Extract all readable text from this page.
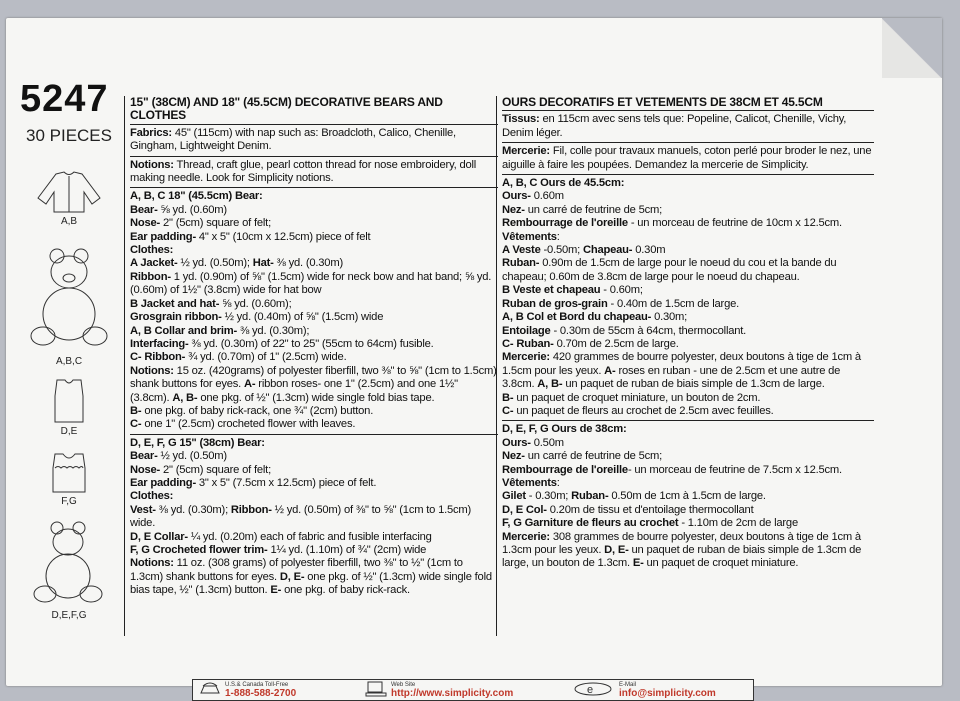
5247
30 PIECES
A,B
A,B,C
D,E
F,G
D,E,F,G
15" (38CM) AND 18" (45.5CM) DECORATIVE BEARS AND CLOTHES
Fabrics: 45" (115cm) with nap such as: Broadcloth, Calico, Chenille, Gingham, Lightweight Denim.
Notions: Thread, craft glue, pearl cotton thread for nose embroidery, doll making needle. Look for Simplicity notions.
A, B, C 18" (45.5cm) Bear:
Bear- ⅝ yd. (0.60m)
Nose- 2" (5cm) square of felt;
Ear padding- 4" x 5" (10cm x 12.5cm) piece of felt
Clothes:
A Jacket- ½ yd. (0.50m); Hat- ⅜ yd. (0.30m)
Ribbon- 1 yd. (0.90m) of ⅝" (1.5cm) wide for neck bow and hat band; ⅝ yd. (0.60m) of 1½" (3.8cm) wide for hat bow
B Jacket and hat- ⅝ yd. (0.60m);
Grosgrain ribbon- ½ yd. (0.40m) of ⅝" (1.5cm) wide
A, B Collar and brim- ⅜ yd. (0.30m);
Interfacing- ⅜ yd. (0.30m) of 22" to 25" (55cm to 64cm) fusible.
C- Ribbon- ¾ yd. (0.70m) of 1" (2.5cm) wide.
Notions: 15 oz. (420grams) of polyester fiberfill, two ⅜" to ⅝" (1cm to 1.5cm) shank buttons for eyes. A- ribbon roses- one 1" (2.5cm) and one 1½" (3.8cm). A, B- one pkg. of ½" (1.3cm) wide single fold bias tape.
B- one pkg. of baby rick-rack, one ¾" (2cm) button.
C- one 1" (2.5cm) crocheted flower with leaves.

D, E, F, G 15" (38cm) Bear:
Bear- ½ yd. (0.50m)
Nose- 2" (5cm) square of felt;
Ear padding- 3" x 5" (7.5cm x 12.5cm) piece of felt.
Clothes:
Vest- ⅜ yd. (0.30m); Ribbon- ½ yd. (0.50m) of ⅜" to ⅝" (1cm to 1.5cm) wide.
D, E Collar- ¼ yd. (0.20m) each of fabric and fusible interfacing
F, G Crocheted flower trim- 1¼ yd. (1.10m) of ¾" (2cm) wide
Notions: 11 oz. (308 grams) of polyester fiberfill, two ⅜" to ½" (1cm to 1.3cm) shank buttons for eyes. D, E- one pkg. of ½" (1.3cm) wide single fold bias tape, ½" (1.3cm) button. E- one pkg. of baby rick-rack.

OURS DECORATIFS ET VETEMENTS DE 38CM ET 45.5CM
Tissus: en 115cm avec sens tels que: Popeline, Calicot, Chenille, Vichy, Denim léger.
Mercerie: Fil, colle pour travaux manuels, coton perlé pour broder le nez, une aiguille à faire les poupées. Demandez la mercerie de Simplicity.
A, B, C Ours de 45.5cm:
Ours- 0.60m
Nez- un carré de feutrine de 5cm;
Rembourrage de l'oreille - un morceau de feutrine de 10cm x 12.5cm.
Vêtements:
A Veste -0.50m; Chapeau- 0.30m
Ruban- 0.90m de 1.5cm de large pour le noeud du cou et la bande du chapeau; 0.60m de 3.8cm de large pour le noeud du chapeau.
B Veste et chapeau - 0.60m;
Ruban de gros-grain - 0.40m de 1.5cm de large.
A, B Col et Bord du chapeau- 0.30m;
Entoilage - 0.30m de 55cm à 64cm, thermocollant.
C- Ruban- 0.70m de 2.5cm de large.
Mercerie: 420 grammes de bourre polyester, deux boutons à tige de 1cm à 1.5cm pour les yeux. A- roses en ruban - une de 2.5cm et une autre de 3.8cm. A, B- un paquet de ruban de biais simple de 1.3cm de large.
B- un paquet de croquet miniature, un bouton de 2cm.
C- un paquet de fleurs au crochet de 2.5cm avec feuilles.

D, E, F, G Ours de 38cm:
Ours- 0.50m
Nez- un carré de feutrine de 5cm;
Rembourrage de l'oreille- un morceau de feutrine de 7.5cm x 12.5cm.
Vêtements:
Gilet - 0.30m; Ruban- 0.50m de 1cm à 1.5cm de large.
D, E Col- 0.20m de tissu et d'entoilage thermocollant
F, G Garniture de fleurs au crochet - 1.10m de 2cm de large
Mercerie: 308 grammes de bourre polyester, deux boutons à tige de 1cm à 1.3cm pour les yeux. D, E- un paquet de ruban de biais simple de 1.3cm de large, un bouton de 1.3cm. E- un paquet de croquet miniature.

U.S.& Canada Toll-Free
1-888-588-2700
Web Site
http://www.simplicity.com	e	E-Mail
info@simplicity.com
